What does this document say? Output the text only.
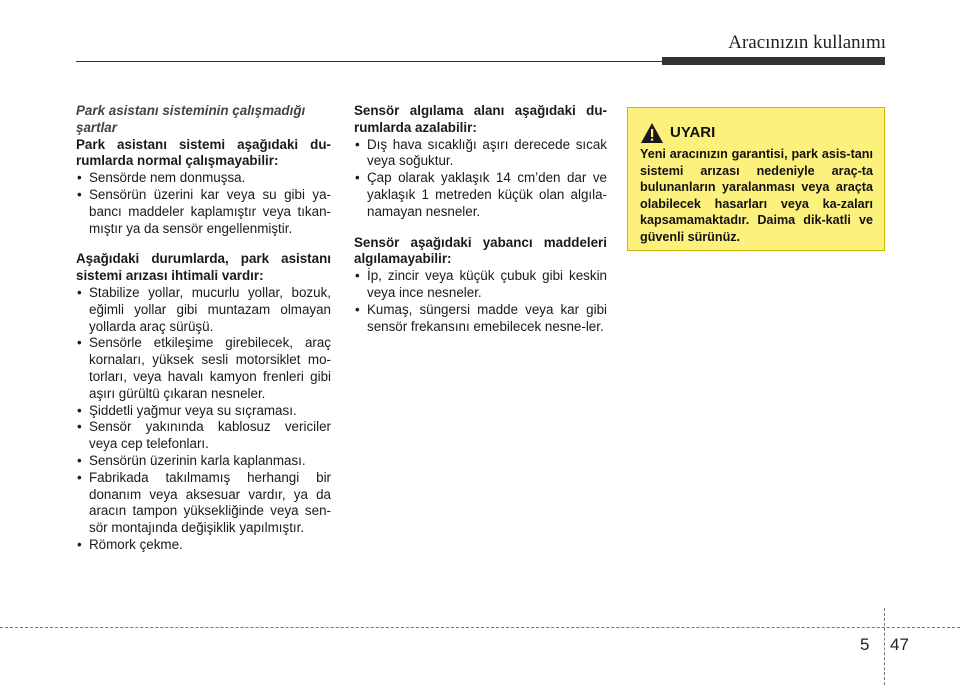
Aracınızın kullanımı

Park asistanı sisteminin çalışmadığı
şartlar

Park asistanı sistemi aşağıdaki du-rumlarda normal çalışmayabilir:

• Sensörde nem donmuşsa.
• Sensörün üzerini kar veya su gibi ya-bancı maddeler kaplamıştır veya tıkan-mıştır ya da sensör engellenmiştir.

Aşağıdaki durumlarda, park asistanı sistemi arızası ihtimali vardır:

• Stabilize yollar, mucurlu yollar, bozuk, eğimli yollar gibi muntazam olmayan yollarda araç sürüşü.
• Sensörle etkileşime girebilecek, araç kornaları, yüksek sesli motorsiklet mo-torları, veya havalı kamyon frenleri gibi aşırı gürültü çıkaran nesneler.
• Şiddetli yağmur veya su sıçraması.
• Sensör yakınında kablosuz vericiler veya cep telefonları.
• Sensörün üzerinin karla kaplanması.
• Fabrikada takılmamış herhangi bir donanım veya aksesuar vardır, ya da aracın tampon yüksekliğinde veya sen-sör montajında değişiklik yapılmıştır.
• Römork çekme.

Sensör algılama alanı aşağıdaki du-rumlarda azalabilir:

• Dış hava sıcaklığı aşırı derecede sıcak veya soğuktur.
• Çap olarak yaklaşık 14 cm’den dar ve yaklaşık 1 metreden küçük olan algıla-namayan nesneler.

Sensör aşağıdaki yabancı maddeleri algılamayabilir:

• İp, zincir veya küçük çubuk gibi keskin veya ince nesneler.
• Kumaş, süngersi madde veya kar gibi sensör frekansını emebilecek nesne-ler.
UYARI
Yeni aracınızın garantisi, park asis-tanı sistemi arızası nedeniyle araç-ta bulunanların yaralanması veya araçta olabilecek hasarları veya ka-zaları kapsamamaktadır. Daima dik-katli ve güvenli sürünüz.
5 47
